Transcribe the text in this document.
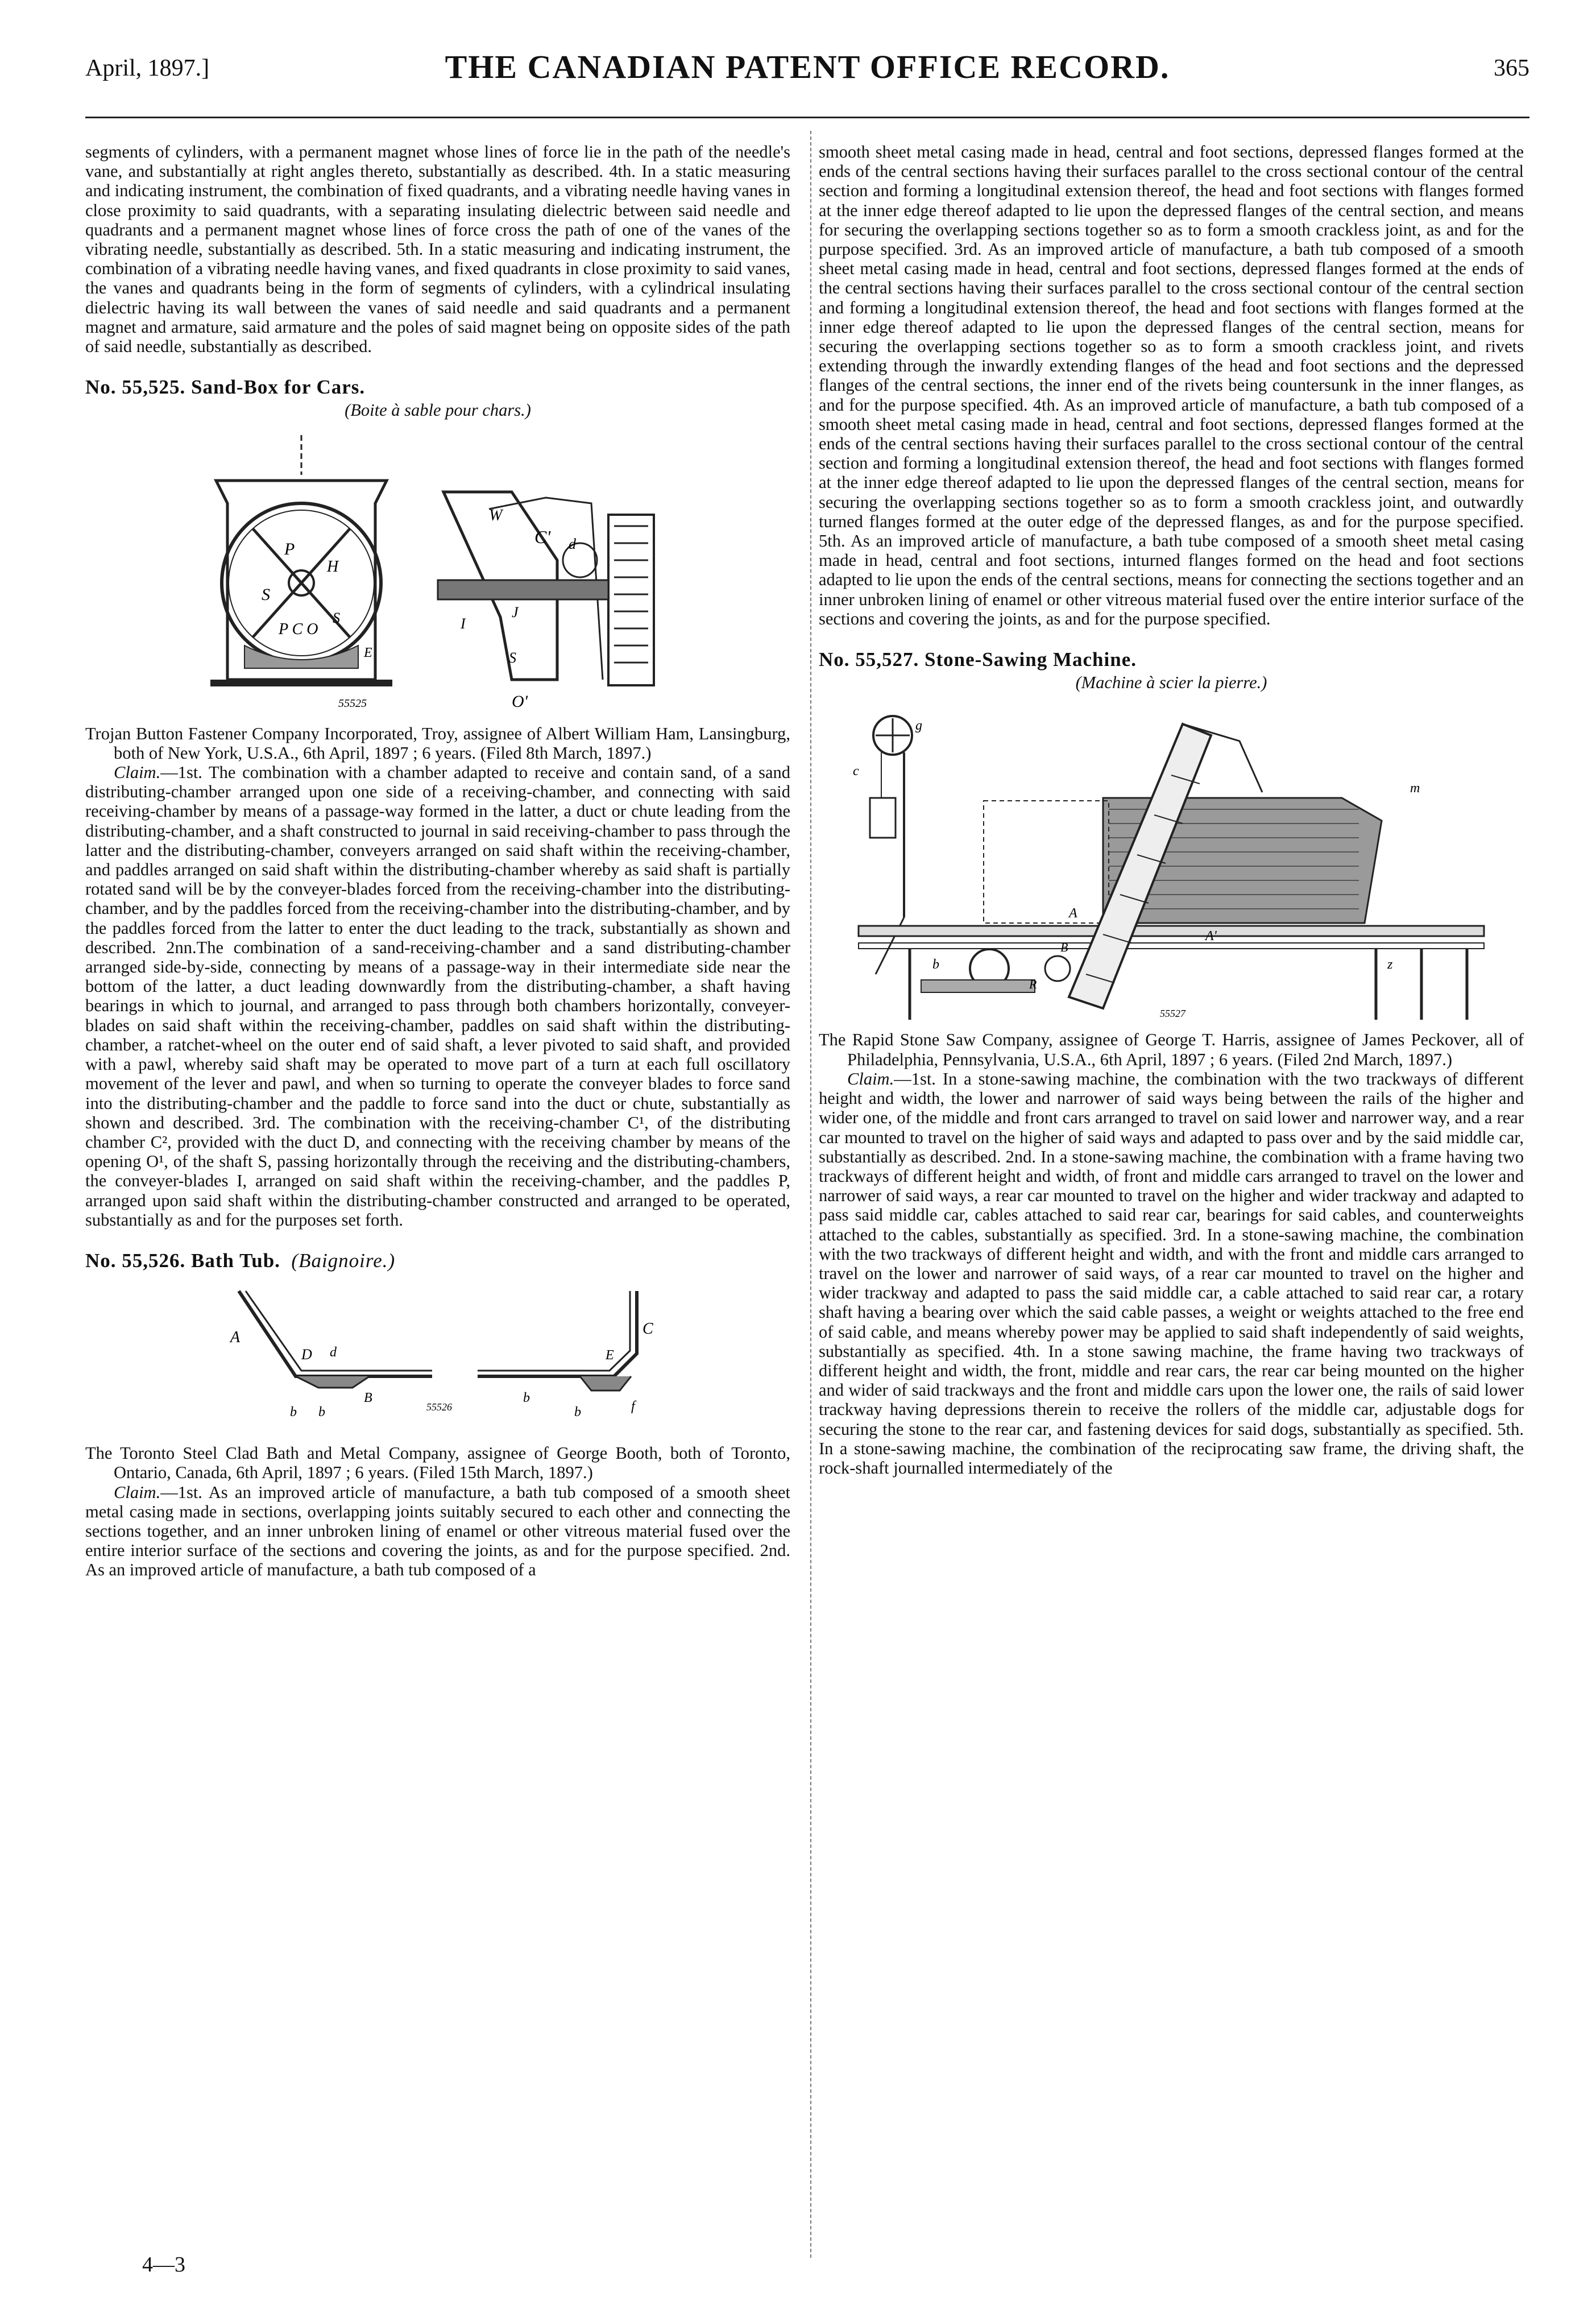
April, 1897.]	THE CANADIAN PATENT OFFICE RECORD.	365

segments of cylinders, with a permanent magnet whose lines of force lie in the path of the needle's vane, and substantially at right angles thereto, substantially as described. 4th. In a static measuring and indicating instrument, the combination of fixed quadrants, and a vibrating needle having vanes in close proximity to said quadrants, with a separating insulating dielectric between said needle and quadrants and a permanent magnet whose lines of force cross the path of one of the vanes of the vibrating needle, substantially as described. 5th. In a static measuring and indicating instrument, the combination of a vibrating needle having vanes, and fixed quadrants in close proximity to said vanes, the vanes and quadrants being in the form of segments of cylinders, with a cylindrical insulating dielectric having its wall between the vanes of said needle and said quadrants and a permanent magnet and armature, said armature and the poles of said magnet being on opposite sides of the path of said needle, substantially as described.

No. 55,525. Sand-Box for Cars.

(Boite à sable pour chars.)

P
S
H
P C O
S
E
C'
W
d
J
I
S
O'
55525

Trojan Button Fastener Company Incorporated, Troy, assignee of Albert William Ham, Lansingburg, both of New York, U.S.A., 6th April, 1897 ; 6 years. (Filed 8th March, 1897.)

Claim.—1st. The combination with a chamber adapted to receive and contain sand, of a sand distributing-chamber arranged upon one side of a receiving-chamber, and connecting with said receiving-chamber by means of a passage-way formed in the latter, a duct or chute leading from the distributing-chamber, and a shaft constructed to journal in said receiving-chamber to pass through the latter and the distributing-chamber, conveyers arranged on said shaft within the receiving-chamber, and paddles arranged on said shaft within the distributing-chamber whereby as said shaft is partially rotated sand will be by the conveyer-blades forced from the receiving-chamber into the distributing-chamber, and by the paddles forced from the receiving-chamber into the distributing-chamber, and by the paddles forced from the latter to enter the duct leading to the track, substantially as shown and described. 2nn.The combination of a sand-receiving-chamber and a sand distributing-chamber arranged side-by-side, connecting by means of a passage-way in their intermediate side near the bottom of the latter, a duct leading downwardly from the distributing-chamber, a shaft having bearings in which to journal, and arranged to pass through both chambers horizontally, conveyer-blades on said shaft within the receiving-chamber, paddles on said shaft within the distributing-chamber, a ratchet-wheel on the outer end of said shaft, a lever pivoted to said shaft, and provided with a pawl, whereby said shaft may be operated to move part of a turn at each full oscillatory movement of the lever and pawl, and when so turning to operate the conveyer blades to force sand into the distributing-chamber and the paddle to force sand into the duct or chute, substantially as shown and described. 3rd. The combination with the receiving-chamber C¹, of the distributing chamber C², provided with the duct D, and connecting with the receiving chamber by means of the opening O¹, of the shaft S, passing horizontally through the receiving and the distributing-chambers, the conveyer-blades I, arranged on said shaft within the receiving-chamber, and the paddles P, arranged upon said shaft within the distributing-chamber constructed and arranged to be operated, substantially as and for the purposes set forth.

No. 55,526. Bath Tub. (Baignoire.)

A
D d
B
b b
C
E
b
b	f
55526

The Toronto Steel Clad Bath and Metal Company, assignee of George Booth, both of Toronto, Ontario, Canada, 6th April, 1897 ; 6 years. (Filed 15th March, 1897.)

Claim.—1st. As an improved article of manufacture, a bath tub composed of a smooth sheet metal casing made in sections, overlapping joints suitably secured to each other and connecting the sections together, and an inner unbroken lining of enamel or other vitreous material fused over the entire interior surface of the sections and covering the joints, as and for the purpose specified. 2nd. As an improved article of manufacture, a bath tub composed of a

4—3

smooth sheet metal casing made in head, central and foot sections, depressed flanges formed at the ends of the central sections having their surfaces parallel to the cross sectional contour of the central section and forming a longitudinal extension thereof, the head and foot sections with flanges formed at the inner edge thereof adapted to lie upon the depressed flanges of the central section, and means for securing the overlapping sections together so as to form a smooth crackless joint, as and for the purpose specified. 3rd. As an improved article of manufacture, a bath tub composed of a smooth sheet metal casing made in head, central and foot sections, depressed flanges formed at the ends of the central sections having their surfaces parallel to the cross sectional contour of the central section and forming a longitudinal extension thereof, the head and foot sections with flanges formed at the inner edge thereof adapted to lie upon the depressed flanges of the central section, means for securing the overlapping sections together so as to form a smooth crackless joint, and rivets extending through the inwardly extending flanges of the head and foot sections and the depressed flanges of the central sections, the inner end of the rivets being countersunk in the inner flanges, as and for the purpose specified. 4th. As an improved article of manufacture, a bath tub composed of a smooth sheet metal casing made in head, central and foot sections, depressed flanges formed at the ends of the central sections having their surfaces parallel to the cross sectional contour of the central section and forming a longitudinal extension thereof, the head and foot sections with flanges formed at the inner edge thereof adapted to lie upon the depressed flanges of the central section, means for securing the overlapping sections together so as to form a smooth crackless joint, and outwardly turned flanges formed at the outer edge of the depressed flanges, as and for the purpose specified. 5th. As an improved article of manufacture, a bath tube composed of a smooth sheet metal casing made in head, central and foot sections, inturned flanges formed on the head and foot sections adapted to lie upon the ends of the central sections, means for connecting the sections together and an inner unbroken lining of enamel or other vitreous material fused over the entire interior surface of the sections and covering the joints, as and for the purpose specified.

No. 55,527. Stone-Sawing Machine.

(Machine à scier la pierre.)

g
c
b
R
B
A'
A
z
m
55527

The Rapid Stone Saw Company, assignee of George T. Harris, assignee of James Peckover, all of Philadelphia, Pennsylvania, U.S.A., 6th April, 1897 ; 6 years. (Filed 2nd March, 1897.)

Claim.—1st. In a stone-sawing machine, the combination with the two trackways of different height and width, the lower and narrower of said ways being between the rails of the higher and wider one, of the middle and front cars arranged to travel on said lower and narrower way, and a rear car mounted to travel on the higher of said ways and adapted to pass over and by the said middle car, substantially as described. 2nd. In a stone-sawing machine, the combination with a frame having two trackways of different height and width, of front and middle cars arranged to travel on the lower and narrower of said ways, a rear car mounted to travel on the higher and wider trackway and adapted to pass said middle car, cables attached to said rear car, bearings for said cables, and counterweights attached to the cables, substantially as specified. 3rd. In a stone-sawing machine, the combination with the two trackways of different height and width, and with the front and middle cars arranged to travel on the lower and narrower of said ways, of a rear car mounted to travel on the higher and wider trackway and adapted to pass the said middle car, a cable attached to said rear car, a rotary shaft having a bearing over which the said cable passes, a weight or weights attached to the free end of said cable, and means whereby power may be applied to said shaft independently of said weights, substantially as specified. 4th. In a stone sawing machine, the frame having two trackways of different height and width, the front, middle and rear cars, the rear car being mounted on the higher and wider of said trackways and the front and middle cars upon the lower one, the rails of said lower trackway having depressions therein to receive the rollers of the middle car, adjustable dogs for securing the stone to the rear car, and fastening devices for said dogs, substantially as specified. 5th. In a stone-sawing machine, the combination of the reciprocating saw frame, the driving shaft, the rock-shaft journalled intermediately of the
